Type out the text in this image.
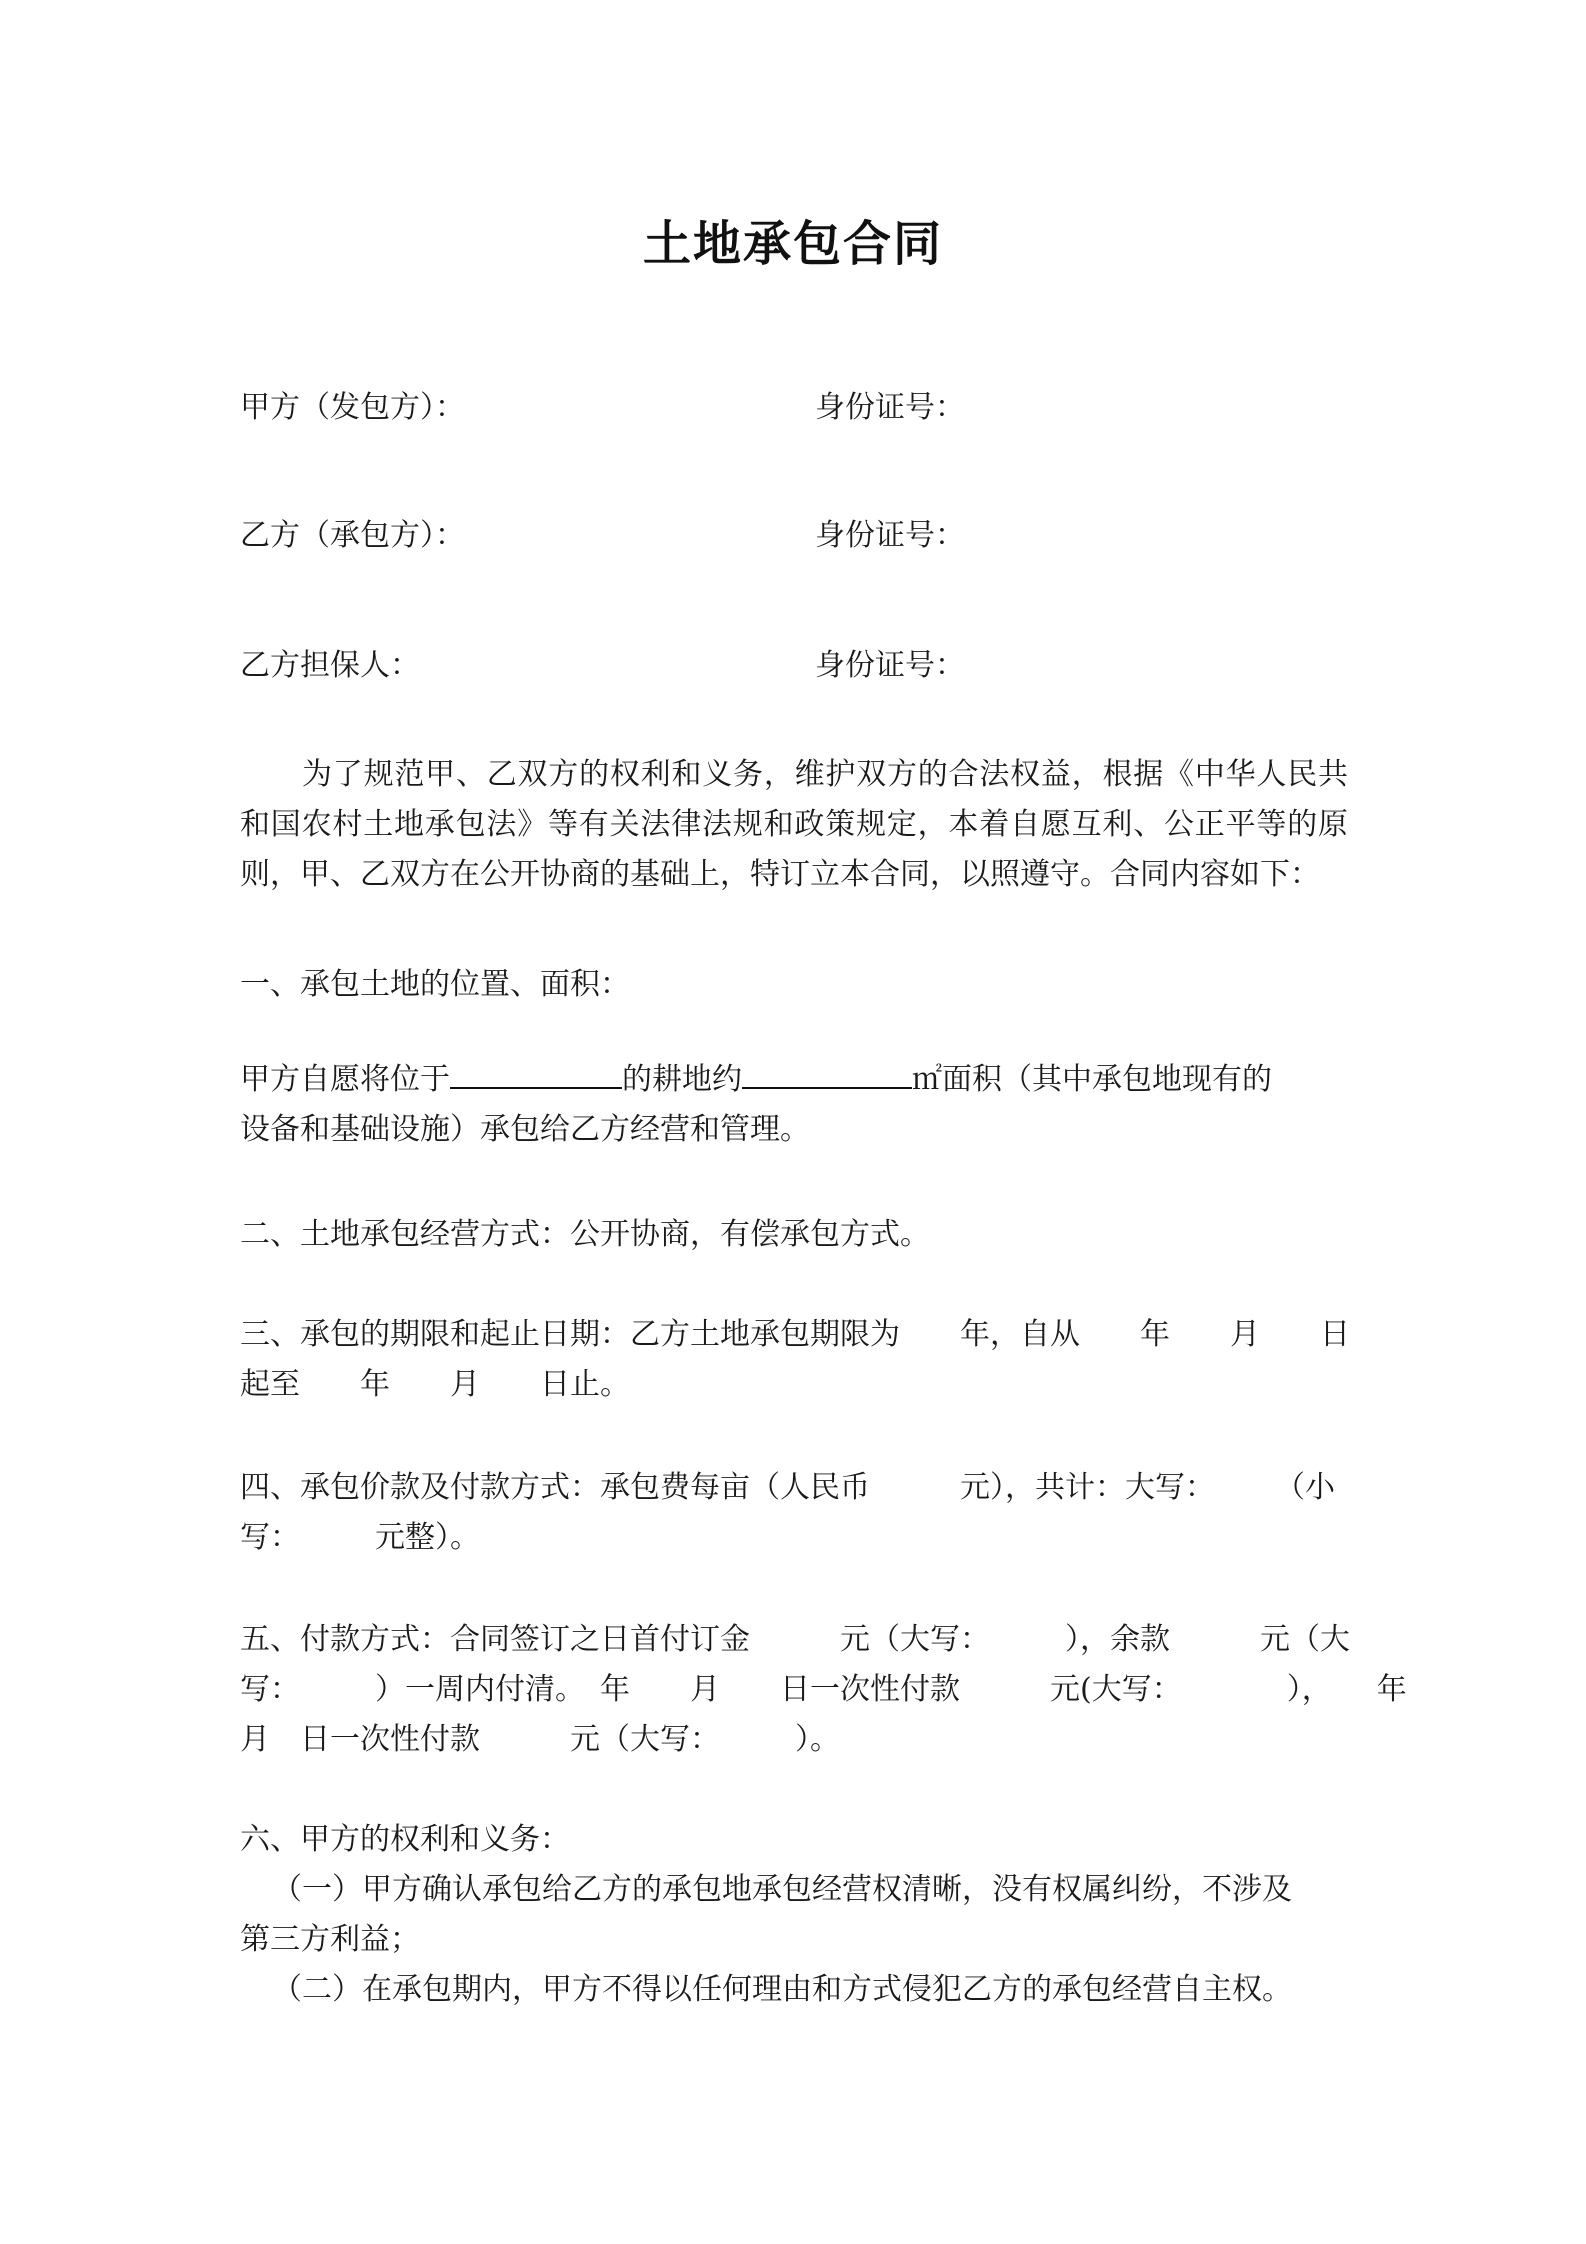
土地承包合同
甲方（发包方）：	身份证号：
乙方（承包方）：	身份证号：
乙方担保人：	身份证号：
为了规范甲、乙双方的权利和义务，维护双方的合法权益，根据《中华人民共和国农村土地承包法》等有关法律法规和政策规定，本着自愿互利、公正平等的原则，甲、乙双方在公开协商的基础上，特订立本合同，以照遵守。合同内容如下：
一、承包土地的位置、面积：
甲方自愿将位于	的耕地约	㎡面积（其中承包地现有的
设备和基础设施）承包给乙方经营和管理。
二、土地承包经营方式：公开协商，有偿承包方式。
三、承包的期限和起止日期：乙方土地承包期限为　　年，自从　　年　　月　　日
起至　　年　　月　　日止。
四、承包价款及付款方式：承包费每亩（人民币　　　元），共计：大写：　　　（小
写：　　　元整）。
五、付款方式：合同签订之日首付订金　　　元（大写：　　　），余款　　　元（大
写：　　　）一周内付清。　年　　月　　日一次性付款　　　元(大写：　　　　），　　年
月　日一次性付款　　　元（大写：　　　）。
六、甲方的权利和义务：
（一）甲方确认承包给乙方的承包地承包经营权清晰，没有权属纠纷，不涉及
第三方利益；
（二）在承包期内，甲方不得以任何理由和方式侵犯乙方的承包经营自主权。
